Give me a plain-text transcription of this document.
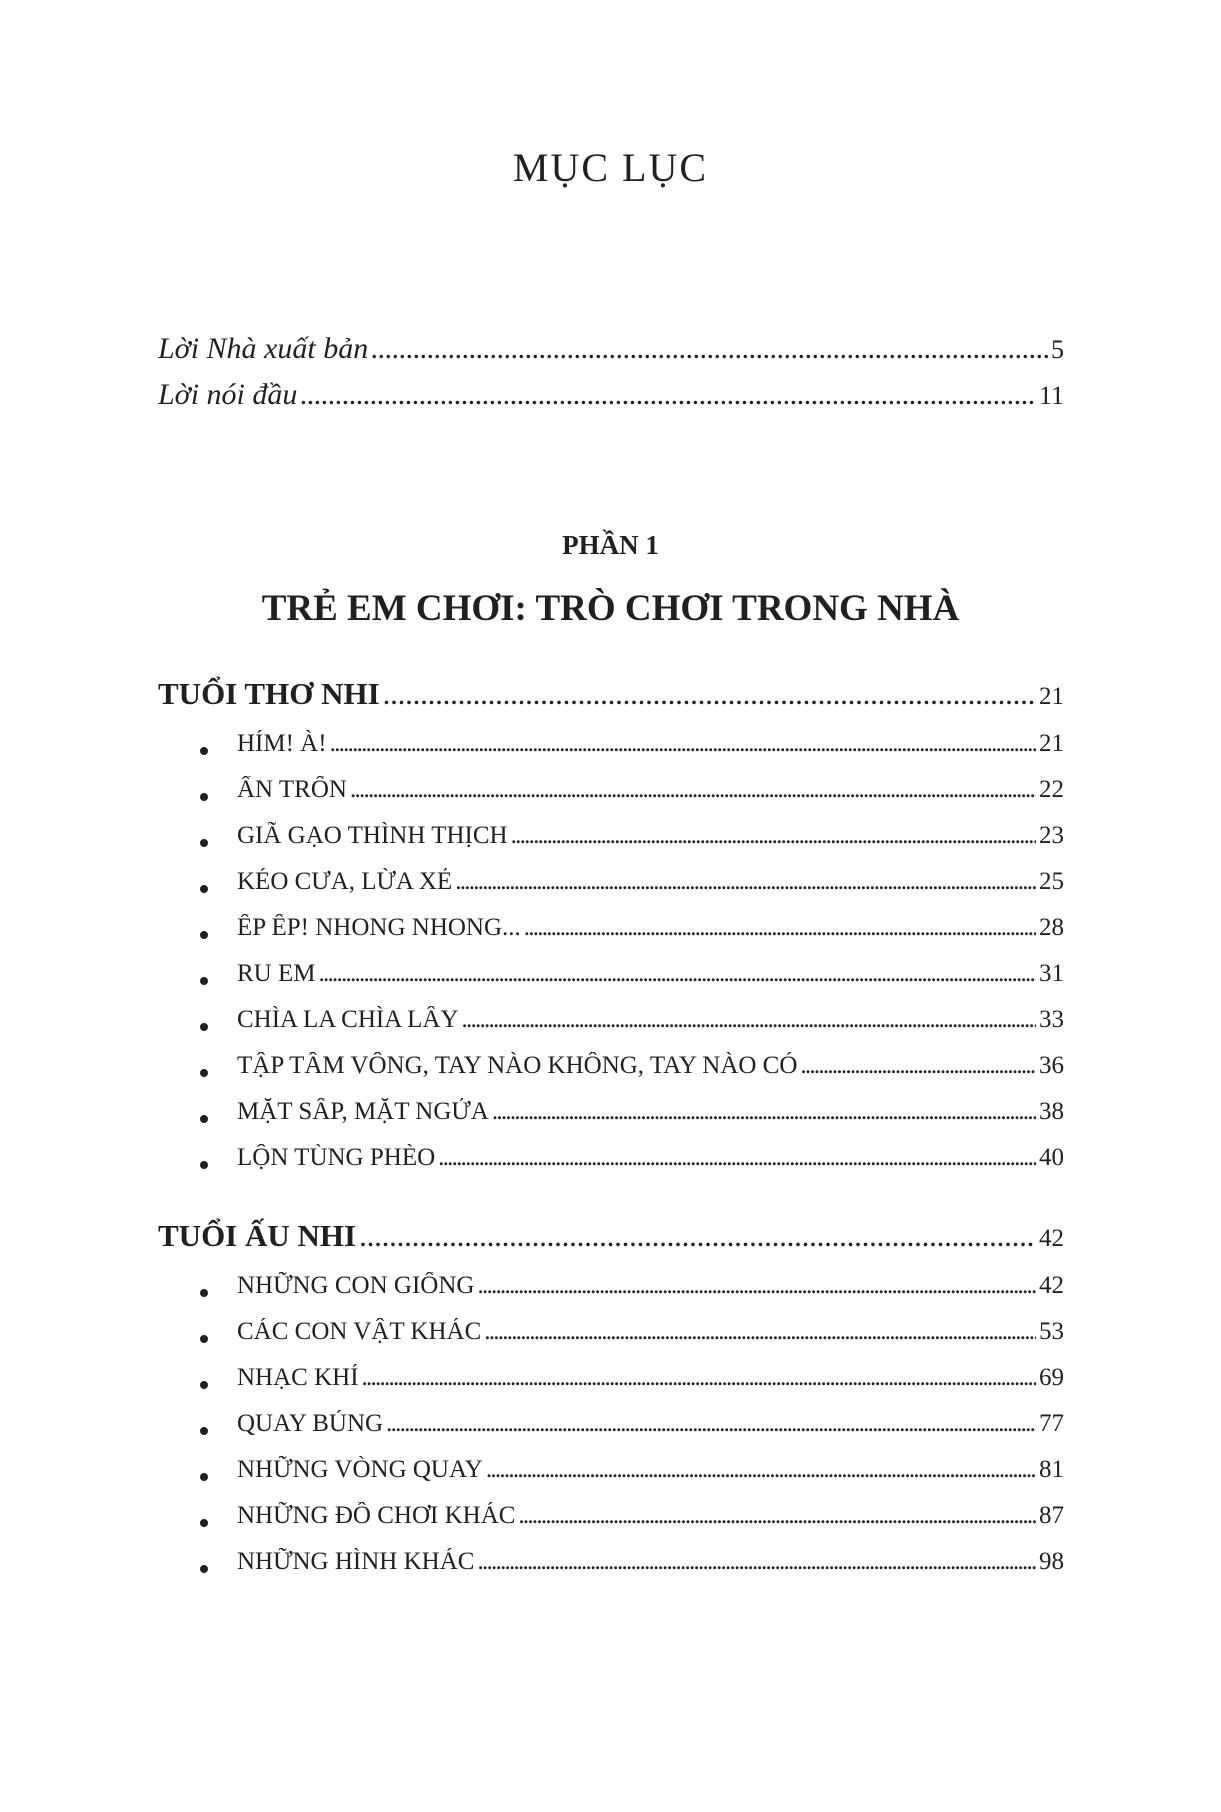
MỤC LỤC
Lời Nhà xuất bản . . .	5
Lời nói đầu . . .	11
PHẦN 1
TRẺ EM CHƠI: TRÒ CHƠI TRONG NHÀ
TUỔI THƠ NHI . . .	21
HÍM! À! . . .	21
ẨN TRỐN . . .	22
GIÃ GẠO THÌNH THỊCH . . .	23
KÉO CƯA, LỪA XẺ . . .	25
ẾP ẾP! NHONG NHONG... . . .	28
RU EM . . .	31
CHÌA LA CHÌA LẤY . . .	33
TẬP TẦM VÔNG, TAY NÀO KHÔNG, TAY NÀO CÓ . . .	36
MẶT SẤP, MẶT NGỬA . . .	38
LỘN TÙNG PHÈO . . .	40
TUỔI ẤU NHI . . .	42
NHỮNG CON GIỐNG . . .	42
CÁC CON VẬT KHÁC . . .	53
NHẠC KHÍ . . .	69
QUAY BÚNG . . .	77
NHỮNG VÒNG QUAY . . .	81
NHỮNG ĐỒ CHƠI KHÁC . . .	87
NHỮNG HÌNH KHÁC . . .	98
